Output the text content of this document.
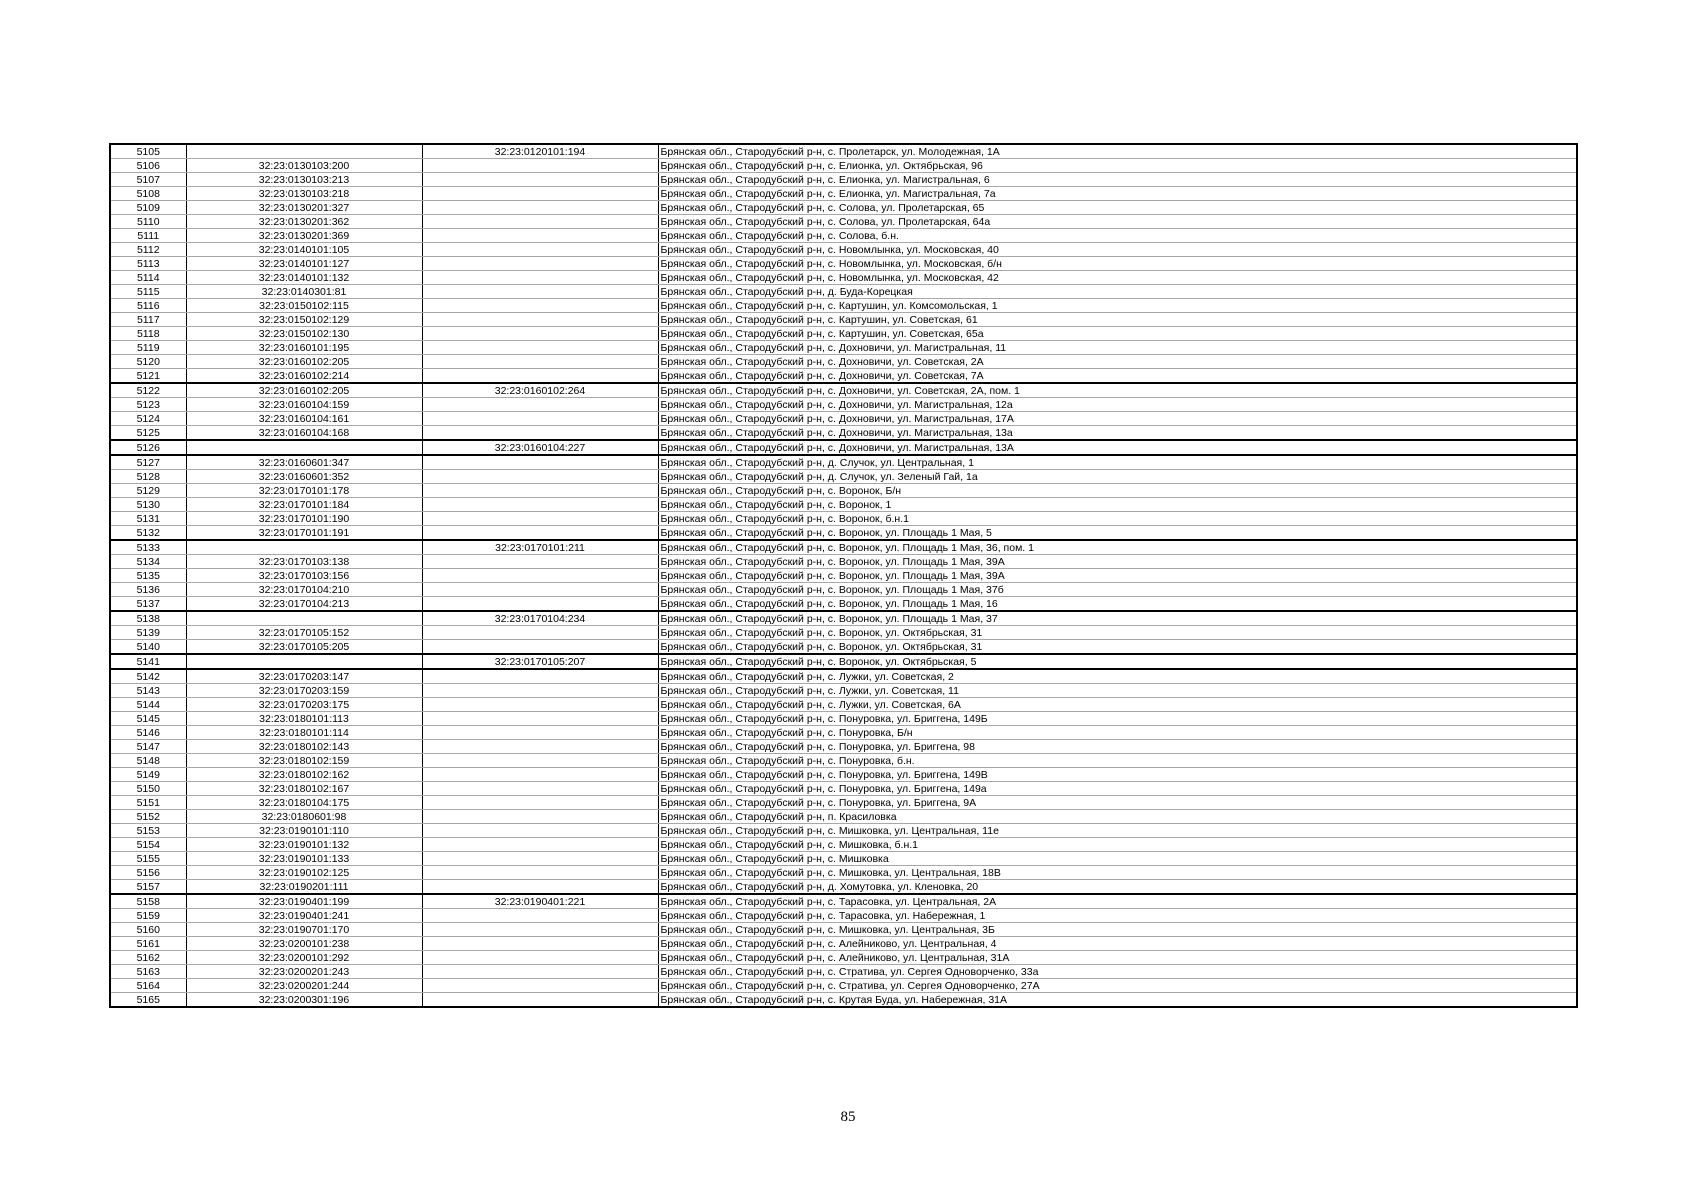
5105		32:23:0120101:194	Брянская обл., Стародубский р-н, с. Пролетарск, ул. Молодежная, 1А
5106	32:23:0130103:200		Брянская обл., Стародубский р-н, с. Елионка, ул. Октябрьская, 96
5107	32:23:0130103:213		Брянская обл., Стародубский р-н, с. Елионка, ул. Магистральная, 6
5108	32:23:0130103:218		Брянская обл., Стародубский р-н, с. Елионка, ул. Магистральная, 7а
5109	32:23:0130201:327		Брянская обл., Стародубский р-н, с. Солова, ул. Пролетарская, 65
5110	32:23:0130201:362		Брянская обл., Стародубский р-н, с. Солова, ул. Пролетарская, 64а
5111	32:23:0130201:369		Брянская обл., Стародубский р-н, с. Солова, б.н.
5112	32:23:0140101:105		Брянская обл., Стародубский р-н, с. Новомлынка, ул. Московская, 40
5113	32:23:0140101:127		Брянская обл., Стародубский р-н, с. Новомлынка, ул. Московская, б/н
5114	32:23:0140101:132		Брянская обл., Стародубский р-н, с. Новомлынка, ул. Московская, 42
5115	32:23:0140301:81		Брянская обл., Стародубский р-н, д. Буда-Корецкая
5116	32:23:0150102:115		Брянская обл., Стародубский р-н, с. Картушин, ул. Комсомольская, 1
5117	32:23:0150102:129		Брянская обл., Стародубский р-н, с. Картушин, ул. Советская, 61
5118	32:23:0150102:130		Брянская обл., Стародубский р-н, с. Картушин, ул. Советская, 65а
5119	32:23:0160101:195		Брянская обл., Стародубский р-н, с. Дохновичи, ул. Магистральная, 11
5120	32:23:0160102:205		Брянская обл., Стародубский р-н, с. Дохновичи, ул. Советская, 2А
5121	32:23:0160102:214		Брянская обл., Стародубский р-н, с. Дохновичи, ул. Советская, 7А
5122	32:23:0160102:205	32:23:0160102:264	Брянская обл., Стародубский р-н, с. Дохновичи, ул. Советская, 2А, пом. 1
5123	32:23:0160104:159		Брянская обл., Стародубский р-н, с. Дохновичи, ул. Магистральная, 12а
5124	32:23:0160104:161		Брянская обл., Стародубский р-н, с. Дохновичи, ул. Магистральная, 17А
5125	32:23:0160104:168		Брянская обл., Стародубский р-н, с. Дохновичи, ул. Магистральная, 13а
5126		32:23:0160104:227	Брянская обл., Стародубский р-н, с. Дохновичи, ул. Магистральная, 13А
5127	32:23:0160601:347		Брянская обл., Стародубский р-н, д. Случок, ул. Центральная, 1
5128	32:23:0160601:352		Брянская обл., Стародубский р-н, д. Случок, ул. Зеленый Гай, 1а
5129	32:23:0170101:178		Брянская обл., Стародубский р-н, с. Воронок, Б/н
5130	32:23:0170101:184		Брянская обл., Стародубский р-н, с. Воронок, 1
5131	32:23:0170101:190		Брянская обл., Стародубский р-н, с. Воронок, б.н.1
5132	32:23:0170101:191		Брянская обл., Стародубский р-н, с. Воронок, ул. Площадь 1 Мая, 5
5133		32:23:0170101:211	Брянская обл., Стародубский р-н, с. Воронок, ул. Площадь 1 Мая, 36, пом. 1
5134	32:23:0170103:138		Брянская обл., Стародубский р-н, с. Воронок, ул. Площадь 1 Мая, 39А
5135	32:23:0170103:156		Брянская обл., Стародубский р-н, с. Воронок, ул. Площадь 1 Мая, 39А
5136	32:23:0170104:210		Брянская обл., Стародубский р-н, с. Воронок, ул. Площадь 1 Мая, 37б
5137	32:23:0170104:213		Брянская обл., Стародубский р-н, с. Воронок, ул. Площадь 1 Мая, 16
5138		32:23:0170104:234	Брянская обл., Стародубский р-н, с. Воронок, ул. Площадь 1 Мая, 37
5139	32:23:0170105:152		Брянская обл., Стародубский р-н, с. Воронок, ул. Октябрьская, 31
5140	32:23:0170105:205		Брянская обл., Стародубский р-н, с. Воронок, ул. Октябрьская, 31
5141		32:23:0170105:207	Брянская обл., Стародубский р-н, с. Воронок, ул. Октябрьская, 5
5142	32:23:0170203:147		Брянская обл., Стародубский р-н, с. Лужки, ул. Советская, 2
5143	32:23:0170203:159		Брянская обл., Стародубский р-н, с. Лужки, ул. Советская, 11
5144	32:23:0170203:175		Брянская обл., Стародубский р-н, с. Лужки, ул. Советская, 6А
5145	32:23:0180101:113		Брянская обл., Стародубский р-н, с. Понуровка, ул. Бриггена, 149Б
5146	32:23:0180101:114		Брянская обл., Стародубский р-н, с. Понуровка, Б/н
5147	32:23:0180102:143		Брянская обл., Стародубский р-н, с. Понуровка, ул. Бриггена, 98
5148	32:23:0180102:159		Брянская обл., Стародубский р-н, с. Понуровка, б.н.
5149	32:23:0180102:162		Брянская обл., Стародубский р-н, с. Понуровка, ул. Бриггена, 149В
5150	32:23:0180102:167		Брянская обл., Стародубский р-н, с. Понуровка, ул. Бриггена, 149а
5151	32:23:0180104:175		Брянская обл., Стародубский р-н, с. Понуровка, ул. Бриггена, 9А
5152	32:23:0180601:98		Брянская обл., Стародубский р-н, п. Красиловка
5153	32:23:0190101:110		Брянская обл., Стародубский р-н, с. Мишковка, ул. Центральная, 11е
5154	32:23:0190101:132		Брянская обл., Стародубский р-н, с. Мишковка, б.н.1
5155	32:23:0190101:133		Брянская обл., Стародубский р-н, с. Мишковка
5156	32:23:0190102:125		Брянская обл., Стародубский р-н, с. Мишковка, ул. Центральная, 18В
5157	32:23:0190201:111		Брянская обл., Стародубский р-н, д. Хомутовка, ул. Кленовка, 20
5158	32:23:0190401:199	32:23:0190401:221	Брянская обл., Стародубский р-н, с. Тарасовка, ул. Центральная, 2А
5159	32:23:0190401:241		Брянская обл., Стародубский р-н, с. Тарасовка, ул. Набережная, 1
5160	32:23:0190701:170		Брянская обл., Стародубский р-н, с. Мишковка, ул. Центральная, 3Б
5161	32:23:0200101:238		Брянская обл., Стародубский р-н, с. Алейниково, ул. Центральная, 4
5162	32:23:0200101:292		Брянская обл., Стародубский р-н, с. Алейниково, ул. Центральная, 31А
5163	32:23:0200201:243		Брянская обл., Стародубский р-н, с. Стратива, ул. Сергея Одноворченко, 33а
5164	32:23:0200201:244		Брянская обл., Стародубский р-н, с. Стратива, ул. Сергея Одноворченко, 27А
5165	32:23:0200301:196		Брянская обл., Стародубский р-н, с. Крутая Буда, ул. Набережная, 31А
85
